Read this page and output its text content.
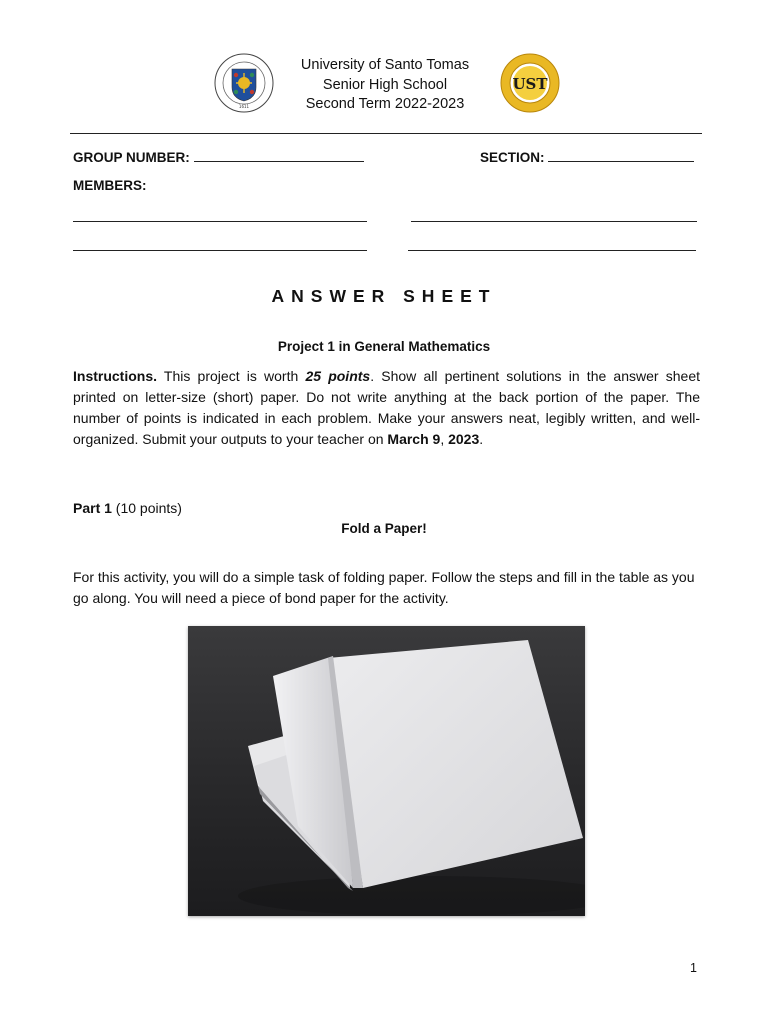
1611
University of Santo Tomas
Senior High School
Second Term 2022-2023
UST
GROUP NUMBER:	SECTION:
MEMBERS:
ANSWER SHEET
Project 1 in General Mathematics
Instructions. This project is worth 25 points. Show all pertinent solutions in the answer sheet printed on letter-size (short) paper. Do not write anything at the back portion of the paper. The number of points is indicated in each problem. Make your answers neat, legibly written, and well-organized. Submit your outputs to your teacher on March 9, 2023.
Part 1 (10 points)
Fold a Paper!
For this activity, you will do a simple task of folding paper. Follow the steps and fill in the table as you go along. You will need a piece of bond paper for the activity.
1
